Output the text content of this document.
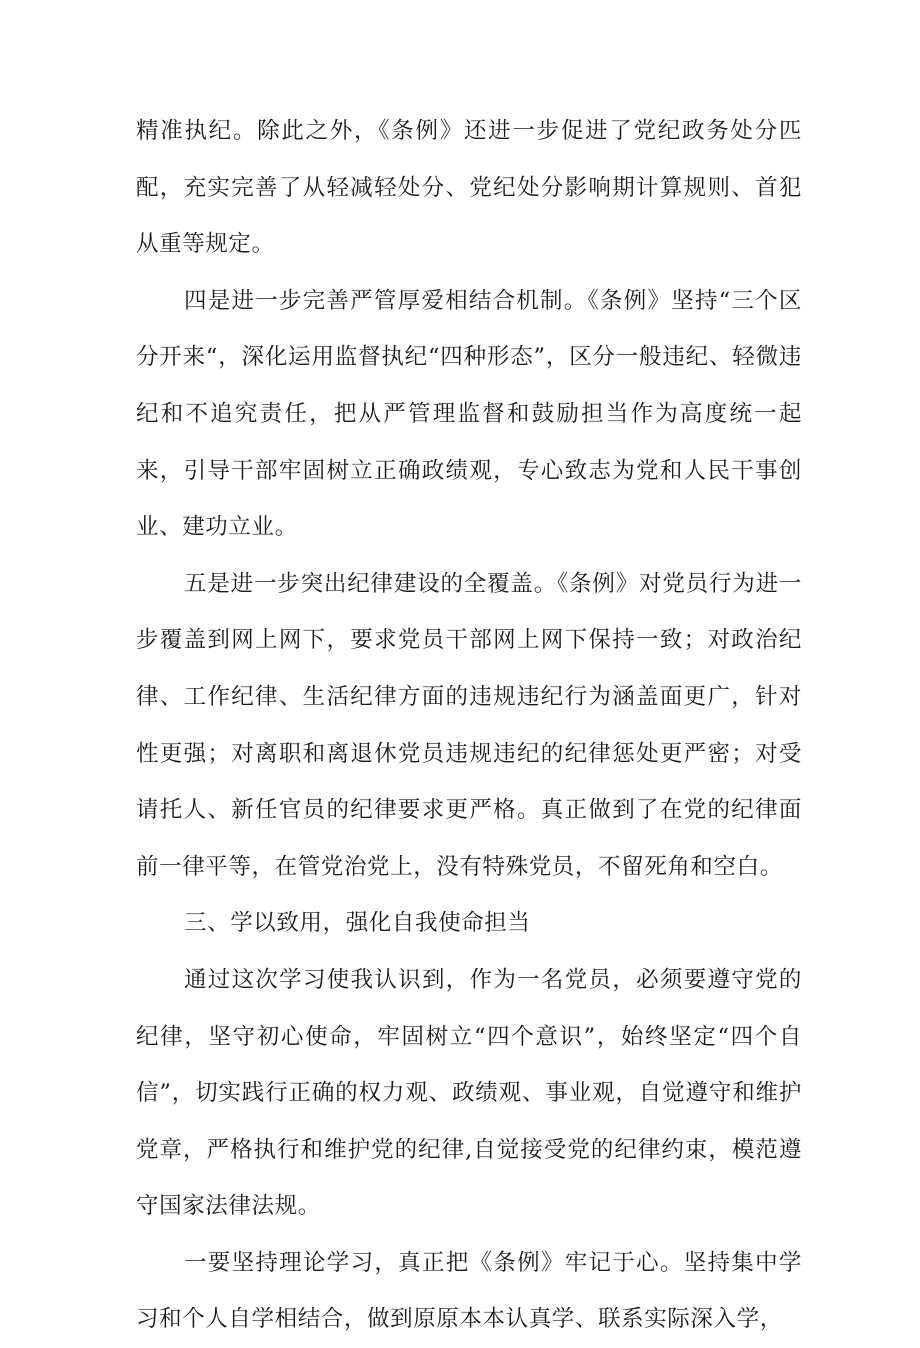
精准执纪。除此之外，《条例》还进一步促进了党纪政务处分匹配，充实完善了从轻减轻处分、党纪处分影响期计算规则、首犯从重等规定。

四是进一步完善严管厚爱相结合机制。《条例》坚持“三个区分开来“，深化运用监督执纪“四种形态”，区分一般违纪、轻微违纪和不追究责任，把从严管理监督和鼓励担当作为高度统一起来，引导干部牢固树立正确政绩观，专心致志为党和人民干事创业、建功立业。

五是进一步突出纪律建设的全覆盖。《条例》对党员行为进一步覆盖到网上网下，要求党员干部网上网下保持一致；对政治纪律、工作纪律、生活纪律方面的违规违纪行为涵盖面更广，针对性更强；对离职和离退休党员违规违纪的纪律惩处更严密；对受请托人、新任官员的纪律要求更严格。真正做到了在党的纪律面前一律平等，在管党治党上，没有特殊党员，不留死角和空白。

三、学以致用，强化自我使命担当

通过这次学习使我认识到，作为一名党员，必须要遵守党的纪律，坚守初心使命，牢固树立“四个意识”，始终坚定“四个自信”，切实践行正确的权力观、政绩观、事业观，自觉遵守和维护党章，严格执行和维护党的纪律,自觉接受党的纪律约束，模范遵守国家法律法规。

一要坚持理论学习，真正把《条例》牢记于心。坚持集中学习和个人自学相结合，做到原原本本认真学、联系实际深入学，
